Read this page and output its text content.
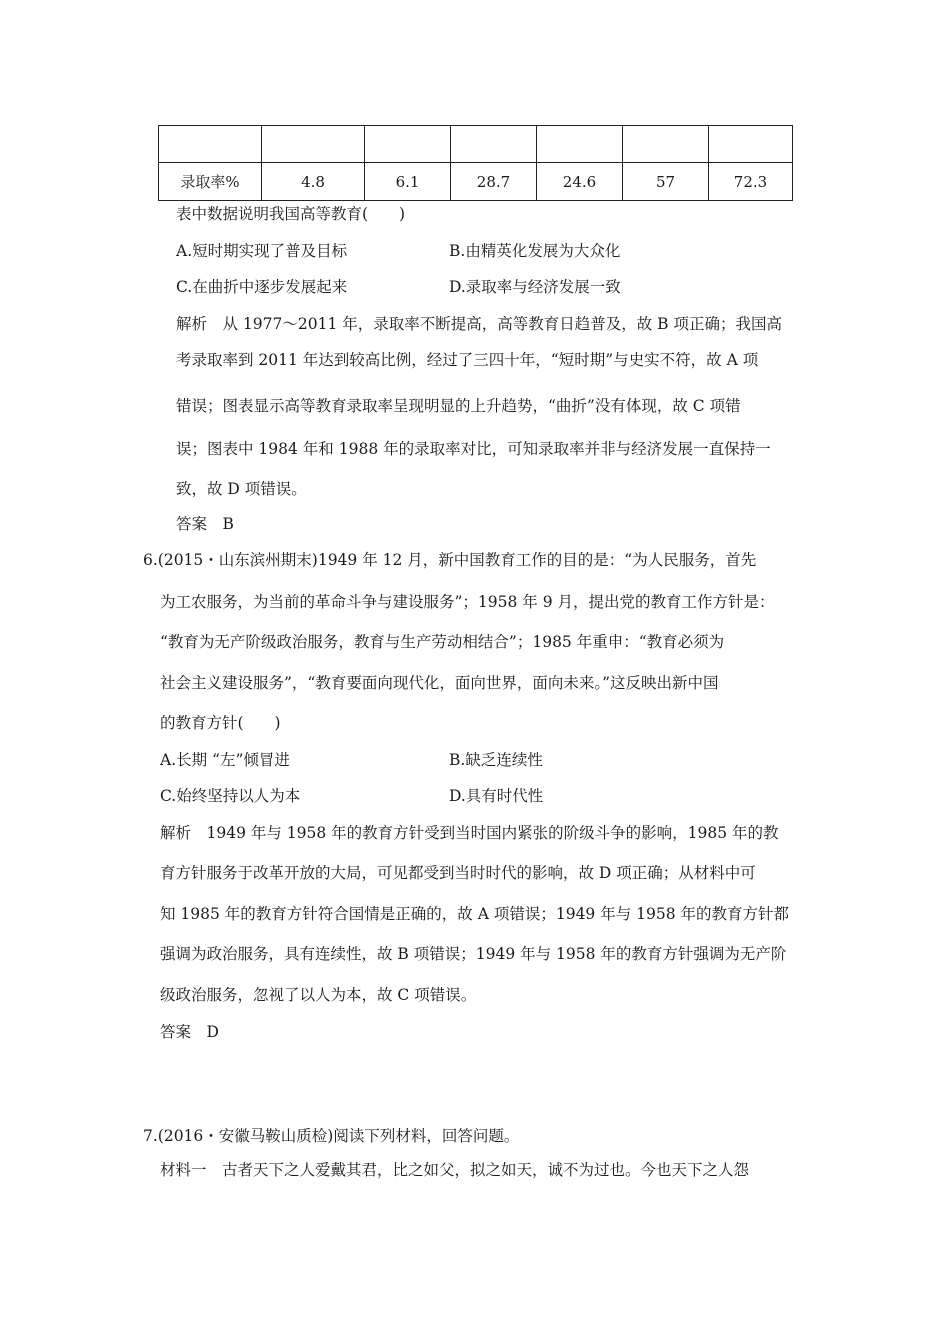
录取率%	4.8	6.1	28.7	24.6	57	72.3
表中数据说明我国高等教育(　　)
A.短时期实现了普及目标	B.由精英化发展为大众化
C.在曲折中逐步发展起来	D.录取率与经济发展一致
解析　从 1977～2011 年，录取率不断提高，高等教育日趋普及，故 B 项正确；我国高
考录取率到 2011 年达到较高比例，经过了三四十年，“短时期”与史实不符，故 A 项
错误；图表显示高等教育录取率呈现明显的上升趋势，“曲折”没有体现，故 C 项错
误；图表中 1984 年和 1988 年的录取率对比，可知录取率并非与经济发展一直保持一
致，故 D 项错误。
答案　B
6.(2015・山东滨州期末)1949 年 12 月，新中国教育工作的目的是：“为人民服务，首先
为工农服务，为当前的革命斗争与建设服务”；1958 年 9 月，提出党的教育工作方针是：
“教育为无产阶级政治服务，教育与生产劳动相结合”；1985 年重申：“教育必须为
社会主义建设服务”，“教育要面向现代化，面向世界，面向未来。”这反映出新中国
的教育方针(　　)
A.长期 “左”倾冒进	B.缺乏连续性
C.始终坚持以人为本	D.具有时代性
解析　1949 年与 1958 年的教育方针受到当时国内紧张的阶级斗争的影响，1985 年的教
育方针服务于改革开放的大局，可见都受到当时时代的影响，故 D 项正确；从材料中可
知 1985 年的教育方针符合国情是正确的，故 A 项错误；1949 年与 1958 年的教育方针都
强调为政治服务，具有连续性，故 B 项错误；1949 年与 1958 年的教育方针强调为无产阶
级政治服务，忽视了以人为本，故 C 项错误。
答案　D
7.(2016・安徽马鞍山质检)阅读下列材料，回答问题。
材料一　古者天下之人爱戴其君，比之如父，拟之如天，诚不为过也。今也天下之人怨
